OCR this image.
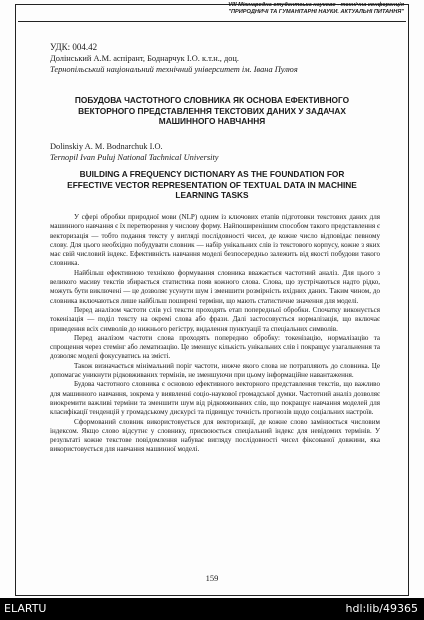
VIII Міжнародна студентська науково - технічна конференція
"ПРИРОДНИЧІ ТА ГУМАНІТАРНІ НАУКИ. АКТУАЛЬНІ ПИТАННЯ"
УДК: 004.42
Долінський А.М. аспірант, Боднарчук І.О. к.т.н., доц.
Тернопільський національний технічний університет ім. Івана Пулюя
ПОБУДОВА ЧАСТОТНОГО СЛОВНИКА ЯК ОСНОВА ЕФЕКТИВНОГО ВЕКТОРНОГО ПРЕДСТАВЛЕННЯ ТЕКСТОВИХ ДАНИХ У ЗАДАЧАХ МАШИННОГО НАВЧАННЯ
Dolinskiy A. M. Bodnarchuk I.O.
Ternopil Ivan Puluj National Tachnical University
BUILDING A FREQUENCY DICTIONARY AS THE FOUNDATION FOR EFFECTIVE VECTOR REPRESENTATION OF TEXTUAL DATA IN MACHINE LEARNING TASKS

У сфері обробки природної мови (NLP) одним із ключових етапів підготовки текстових даних для машинного навчання є їх перетворення у числову форму. Найпоширенішим способом такого представлення є векторизація — тобто подання тексту у вигляді послідовності чисел, де кожне число відповідає певному слову. Для цього необхідно побудувати словник — набір унікальних слів із текстового корпусу, кожне з яких має свій числовий індекс. Ефективність навчання моделі безпосередньо залежить від якості побудови такого словника.

Найбільш ефективною технікою формування словника вважається частотний аналіз. Для цього з великого масиву текстів збирається статистика появ кожного слова. Слова, що зустрічаються надто рідко, можуть бути виключені — це дозволяє усунути шум і зменшити розмірність вхідних даних. Таким чином, до словника включаються лише найбільш поширені терміни, що мають статистичне значення для моделі.

Перед аналізом частоти слів усі тексти проходять етап попередньої обробки. Спочатку виконується токенізація — поділ тексту на окремі слова або фрази. Далі застосовується нормалізація, що включає приведення всіх символів до нижнього регістру, видалення пунктуації та спеціальних символів.

Перед аналізом частоти слова проходять попередню обробку: токенізацію, нормалізацію та спрощення через стемінг або лематизацію. Це зменшує кількість унікальних слів і покращує узагальнення та дозволяє моделі фокусуватись на змісті.

Також визначається мінімальний поріг частоти, нижче якого слова не потрапляють до словника. Це допомагає уникнути рідковживаних термінів, не зменшуючи при цьому інформаційне навантаження.

Будова частотного словника є основою ефективного векторного представлення текстів, що важливо для машинного навчання, зокрема у виявленні соціо-наукової громадської думки. Частотний аналіз дозволяє виокремити важливі терміни та зменшити шум від рідковживаних слів, що покращує навчання моделей для класифікації тенденцій у громадському дискурсі та підвищує точність прогнозів щодо соціальних настроїв.

Сформований словник використовується для векторизації, де кожне слово замінюється числовим індексом. Якщо слово відсутнє у словнику, присвоюється спеціальний індекс для невідомих термінів. У результаті кожне текстове повідомлення набуває вигляду послідовності чисел фіксованої довжини, яка використовується для навчання машинної моделі.

159
ELARTU	hdl:lib/49365
